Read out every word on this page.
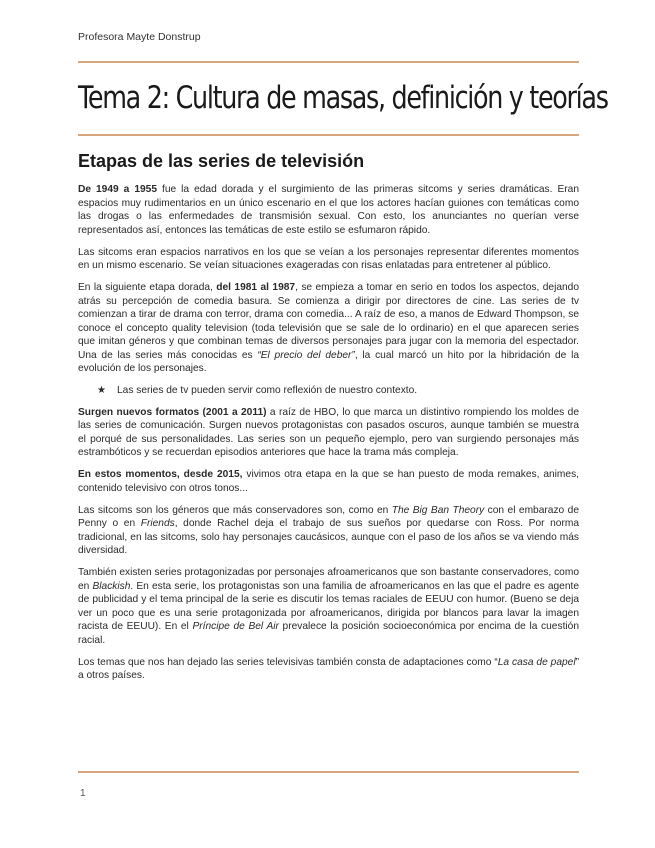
Profesora Mayte Donstrup
Tema 2: Cultura de masas, definición y teorías
Etapas de las series de televisión

De 1949 a 1955 fue la edad dorada y el surgimiento de las primeras sitcoms y series dramáticas. Eran espacios muy rudimentarios en un único escenario en el que los actores hacían guiones con temáticas como las drogas o las enfermedades de transmisión sexual. Con esto, los anunciantes no querían verse representados así, entonces las temáticas de este estilo se esfumaron rápido.

Las sitcoms eran espacios narrativos en los que se veían a los personajes representar diferentes momentos en un mismo escenario. Se veían situaciones exageradas con risas enlatadas para entretener al público.

En la siguiente etapa dorada, del 1981 al 1987, se empieza a tomar en serio en todos los aspectos, dejando atrás su percepción de comedia basura. Se comienza a dirigir por directores de cine. Las series de tv comienzan a tirar de drama con terror, drama con comedia... A raíz de eso, a manos de Edward Thompson, se conoce el concepto quality television (toda televisión que se sale de lo ordinario) en el que aparecen series que imitan géneros y que combinan temas de diversos personajes para jugar con la memoria del espectador. Una de las series más conocidas es “El precio del deber”, la cual marcó un hito por la hibridación de la evolución de los personajes.

★	Las series de tv pueden servir como reflexión de nuestro contexto.

Surgen nuevos formatos (2001 a 2011) a raíz de HBO, lo que marca un distintivo rompiendo los moldes de las series de comunicación. Surgen nuevos protagonistas con pasados oscuros, aunque también se muestra el porqué de sus personalidades. Las series son un pequeño ejemplo, pero van surgiendo personajes más estrambóticos y se recuerdan episodios anteriores que hace la trama más compleja.

En estos momentos, desde 2015, vivimos otra etapa en la que se han puesto de moda remakes, animes, contenido televisivo con otros tonos...

Las sitcoms son los géneros que más conservadores son, como en The Big Ban Theory con el embarazo de Penny o en Friends, donde Rachel deja el trabajo de sus sueños por quedarse con Ross. Por norma tradicional, en las sitcoms, solo hay personajes caucásicos, aunque con el paso de los años se va viendo más diversidad.

También existen series protagonizadas por personajes afroamericanos que son bastante conservadores, como en Blackish. En esta serie, los protagonistas son una familia de afroamericanos en las que el padre es agente de publicidad y el tema principal de la serie es discutir los temas raciales de EEUU con humor. (Bueno se deja ver un poco que es una serie protagonizada por afroamericanos, dirigida por blancos para lavar la imagen racista de EEUU). En el Príncipe de Bel Air prevalece la posición socioeconómica por encima de la cuestión racial.

Los temas que nos han dejado las series televisivas también consta de adaptaciones como “La casa de papel” a otros países.

1
